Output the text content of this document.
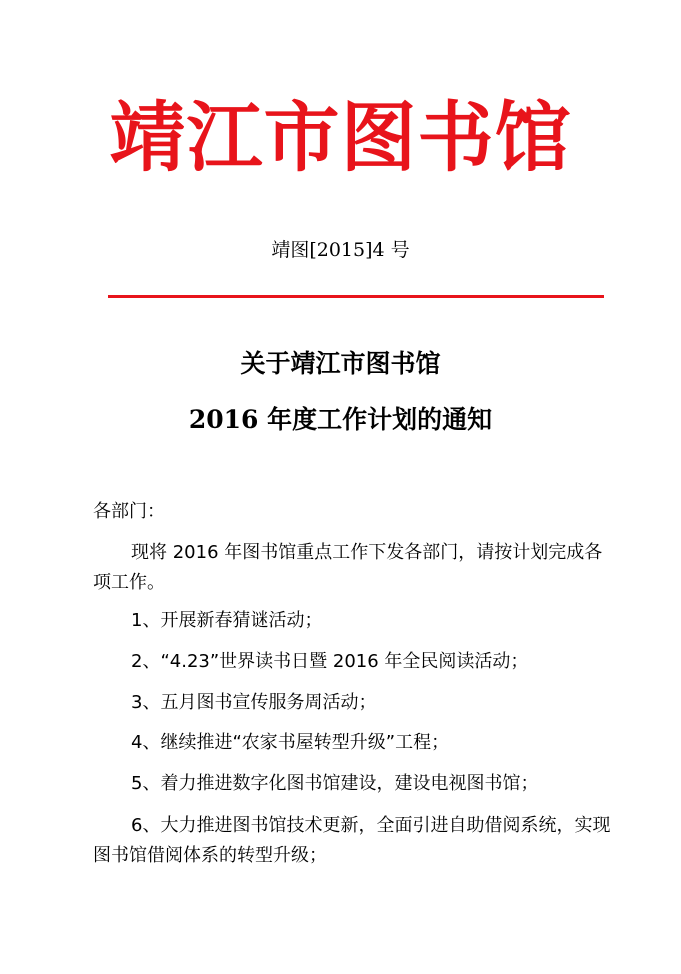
靖江市图书馆
靖图[2015]4 号
关于靖江市图书馆
2016 年度工作计划的通知
各部门：
现将 2016 年图书馆重点工作下发各部门，请按计划完成各项工作。
1、开展新春猜谜活动；
2、“4.23”世界读书日暨 2016 年全民阅读活动；
3、五月图书宣传服务周活动；
4、继续推进“农家书屋转型升级”工程；
5、着力推进数字化图书馆建设，建设电视图书馆；
6、大力推进图书馆技术更新，全面引进自助借阅系统，实现图书馆借阅体系的转型升级；
